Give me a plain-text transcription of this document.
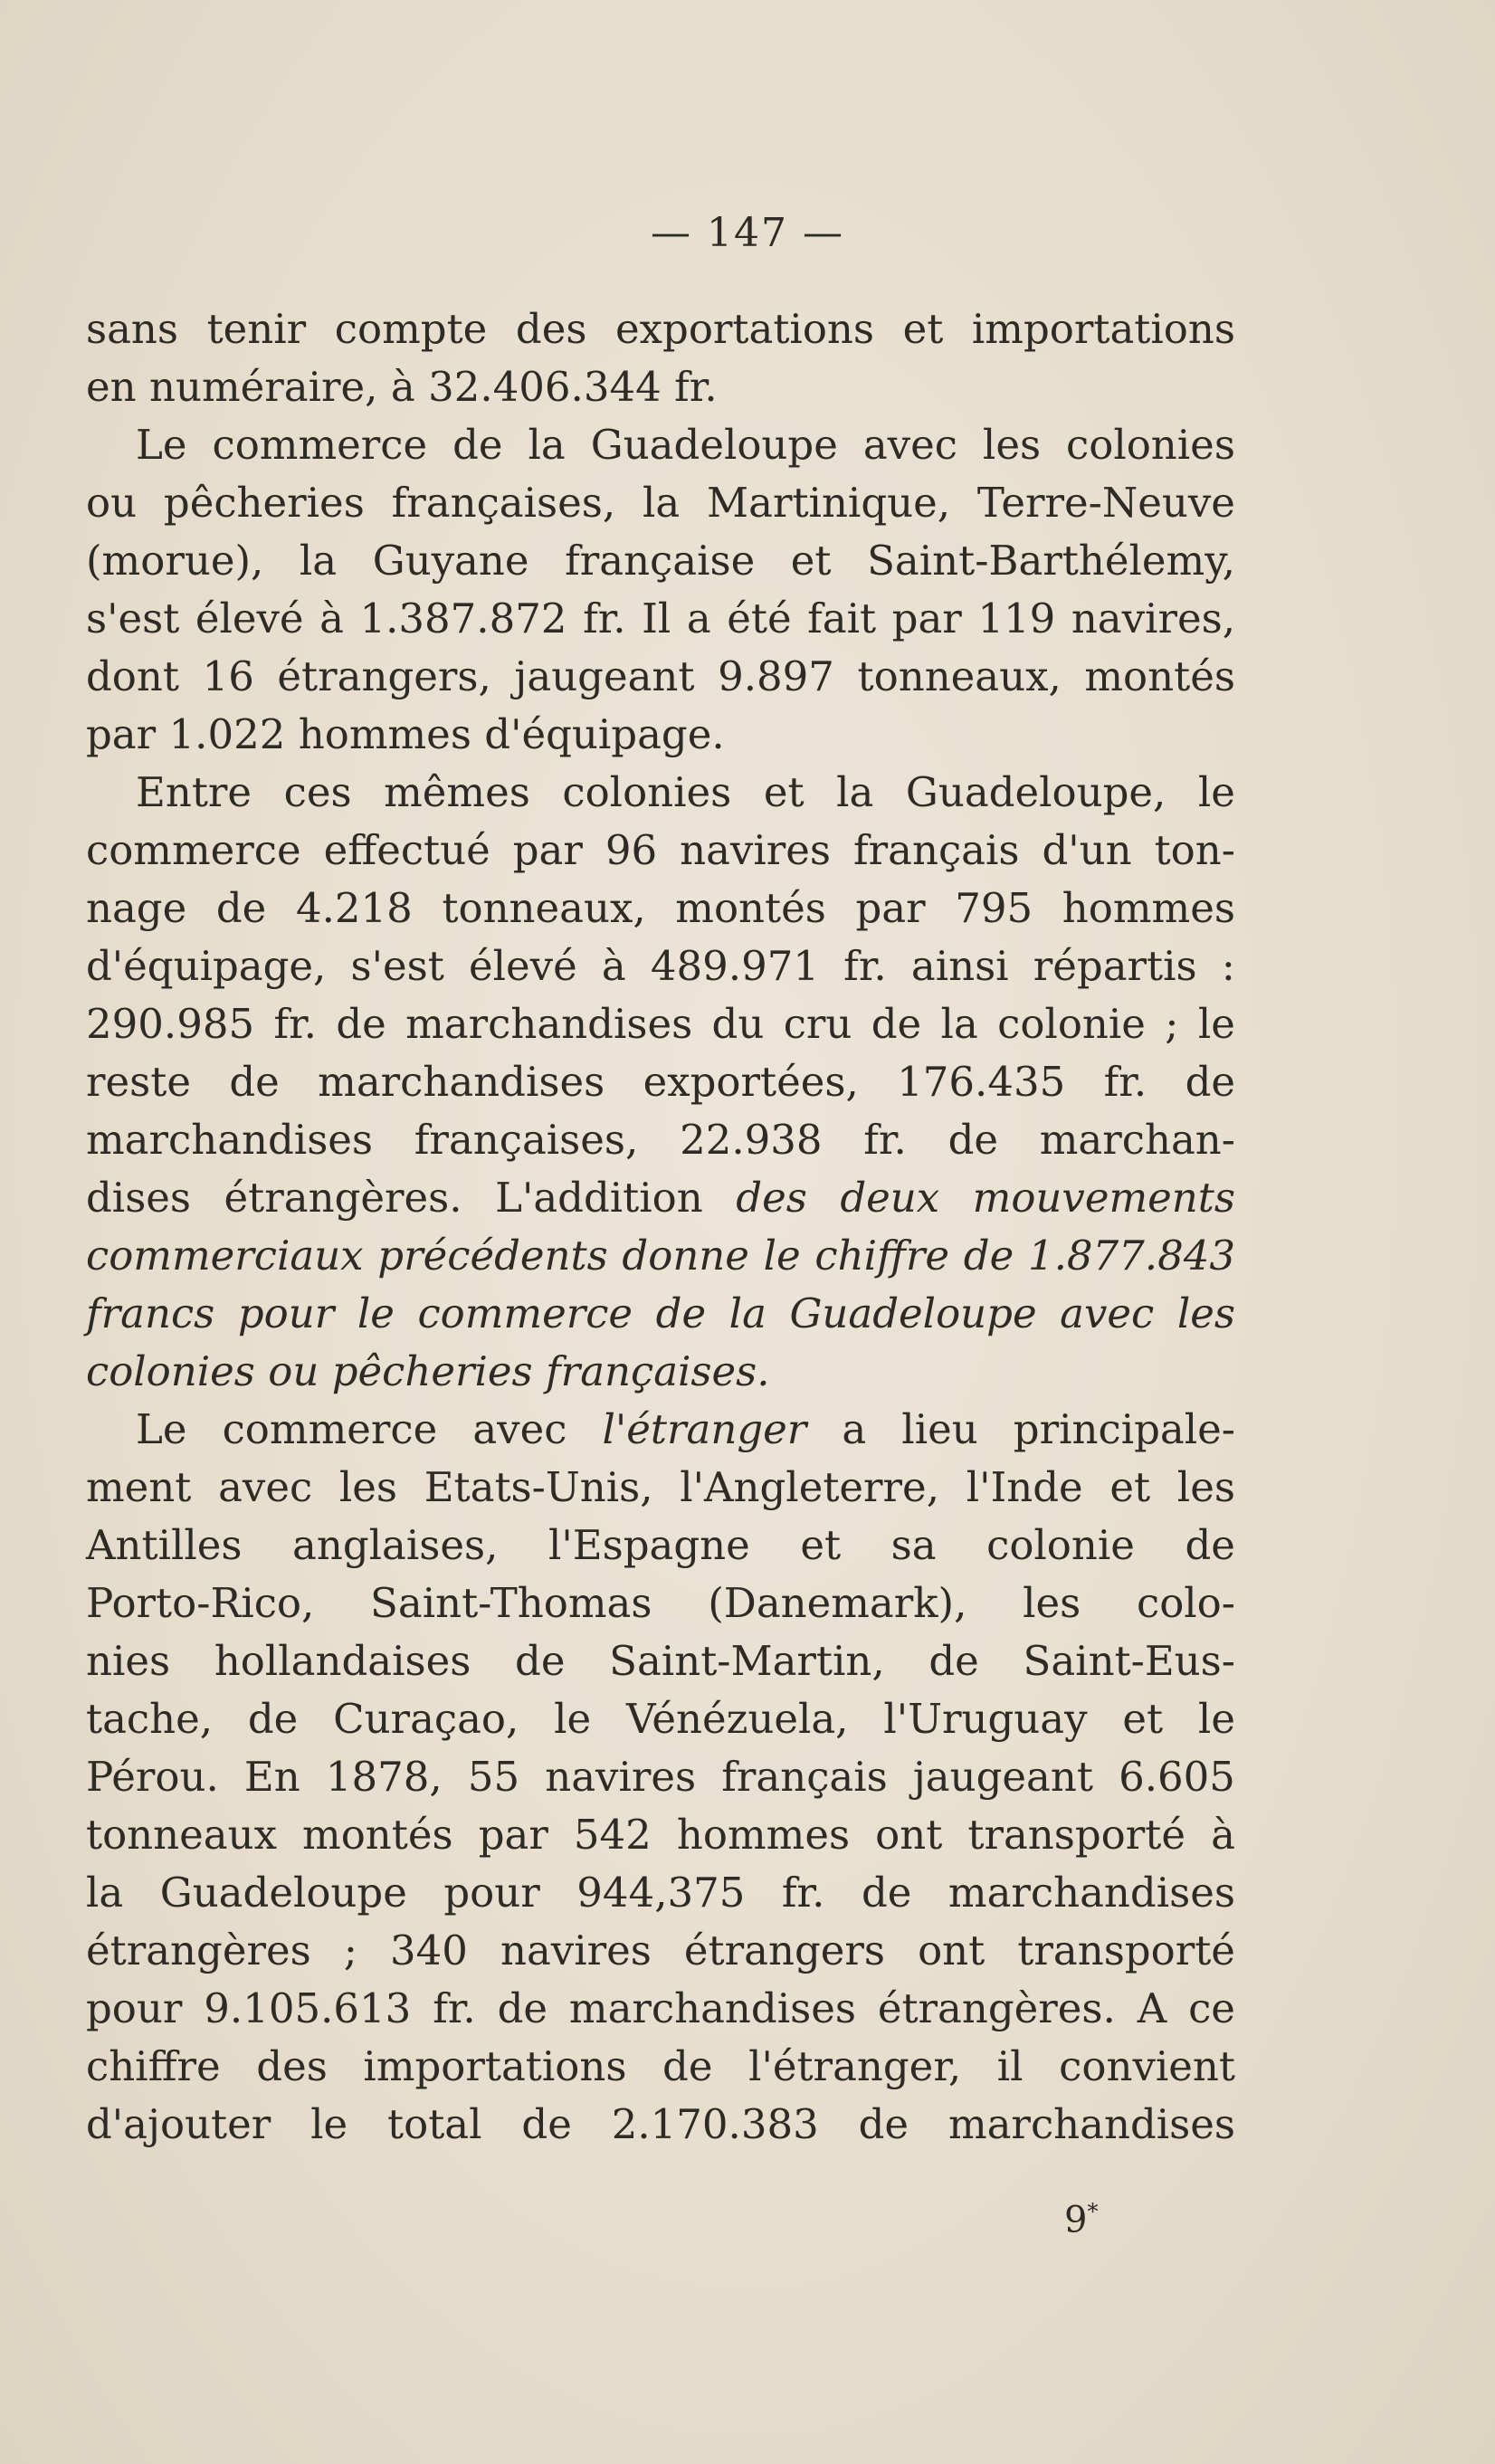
— 147 —
sans tenir compte des exportations et importations
en numéraire, à 32.406.344 fr.
Le commerce de la Guadeloupe avec les colonies
ou pêcheries françaises, la Martinique, Terre-Neuve
(morue), la Guyane française et Saint-Barthélemy,
s'est élevé à 1.387.872 fr. Il a été fait par 119 navires,
dont 16 étrangers, jaugeant 9.897 tonneaux, montés
par 1.022 hommes d'équipage.
Entre ces mêmes colonies et la Guadeloupe, le
commerce effectué par 96 navires français d'un ton-
nage de 4.218 tonneaux, montés par 795 hommes
d'équipage, s'est élevé à 489.971 fr. ainsi répartis :
290.985 fr. de marchandises du cru de la colonie ; le
reste de marchandises exportées, 176.435 fr. de
marchandises françaises, 22.938 fr. de marchan-
dises étrangères. L'addition des deux mouvements
commerciaux précédents donne le chiffre de 1.877.843
francs pour le commerce de la Guadeloupe avec les
colonies ou pêcheries françaises.
Le commerce avec l'étranger a lieu principale-
ment avec les Etats-Unis, l'Angleterre, l'Inde et les
Antilles anglaises, l'Espagne et sa colonie de
Porto-Rico, Saint-Thomas (Danemark), les colo-
nies hollandaises de Saint-Martin, de Saint-Eus-
tache, de Curaçao, le Vénézuela, l'Uruguay et le
Pérou. En 1878, 55 navires français jaugeant 6.605
tonneaux montés par 542 hommes ont transporté à
la Guadeloupe pour 944,375 fr. de marchandises
étrangères ; 340 navires étrangers ont transporté
pour 9.105.613 fr. de marchandises étrangères. A ce
chiffre des importations de l'étranger, il convient
d'ajouter le total de 2.170.383 de marchandises
9*
